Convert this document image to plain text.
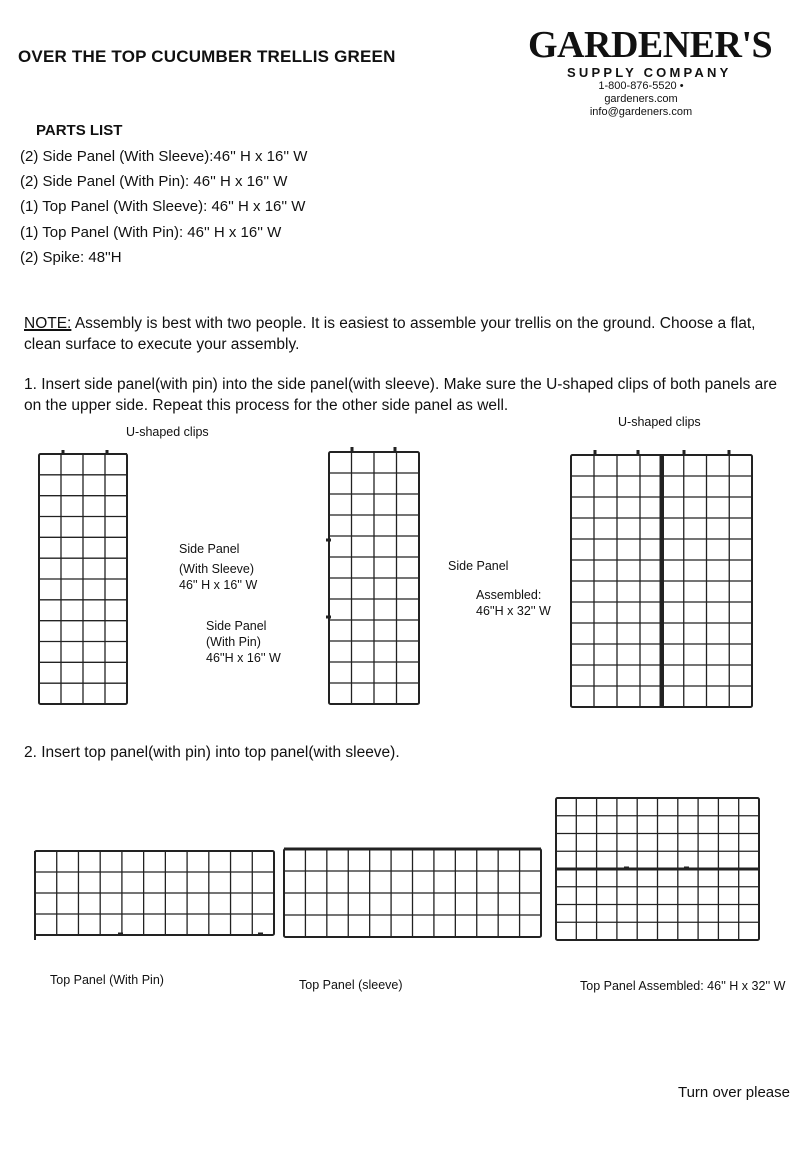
OVER THE TOP CUCUMBER TRELLIS GREEN	GARDENER'S
SUPPLY COMPANY
1-800-876-5520 • gardeners.com
info@gardeners.com
PARTS LIST
(2) Side Panel (With Sleeve):46'' H x 16'' W
(2) Side Panel (With Pin): 46'' H x 16'' W
(1) Top Panel (With Sleeve): 46'' H x 16'' W
(1) Top Panel (With Pin): 46'' H x 16'' W
(2) Spike: 48''H
NOTE: Assembly is best with two people. It is easiest to assemble your trellis on the ground. Choose a flat, clean surface to execute your assembly.
1. Insert side panel(with pin) into the side panel(with sleeve). Make sure the U-shaped clips of both panels are on the upper side. Repeat this process for the other side panel as well.
U-shaped clips
U-shaped clips
Side Panel
(With Sleeve)
46'' H x 16'' W
Side Panel
(With Pin)
46''H x 16'' W
Side Panel
Assembled:
46''H x 32'' W
2. Insert top panel(with pin) into top panel(with sleeve).
Top Panel (With Pin)	Top Panel (sleeve)	Top Panel Assembled: 46'' H x 32'' W
Turn over please
